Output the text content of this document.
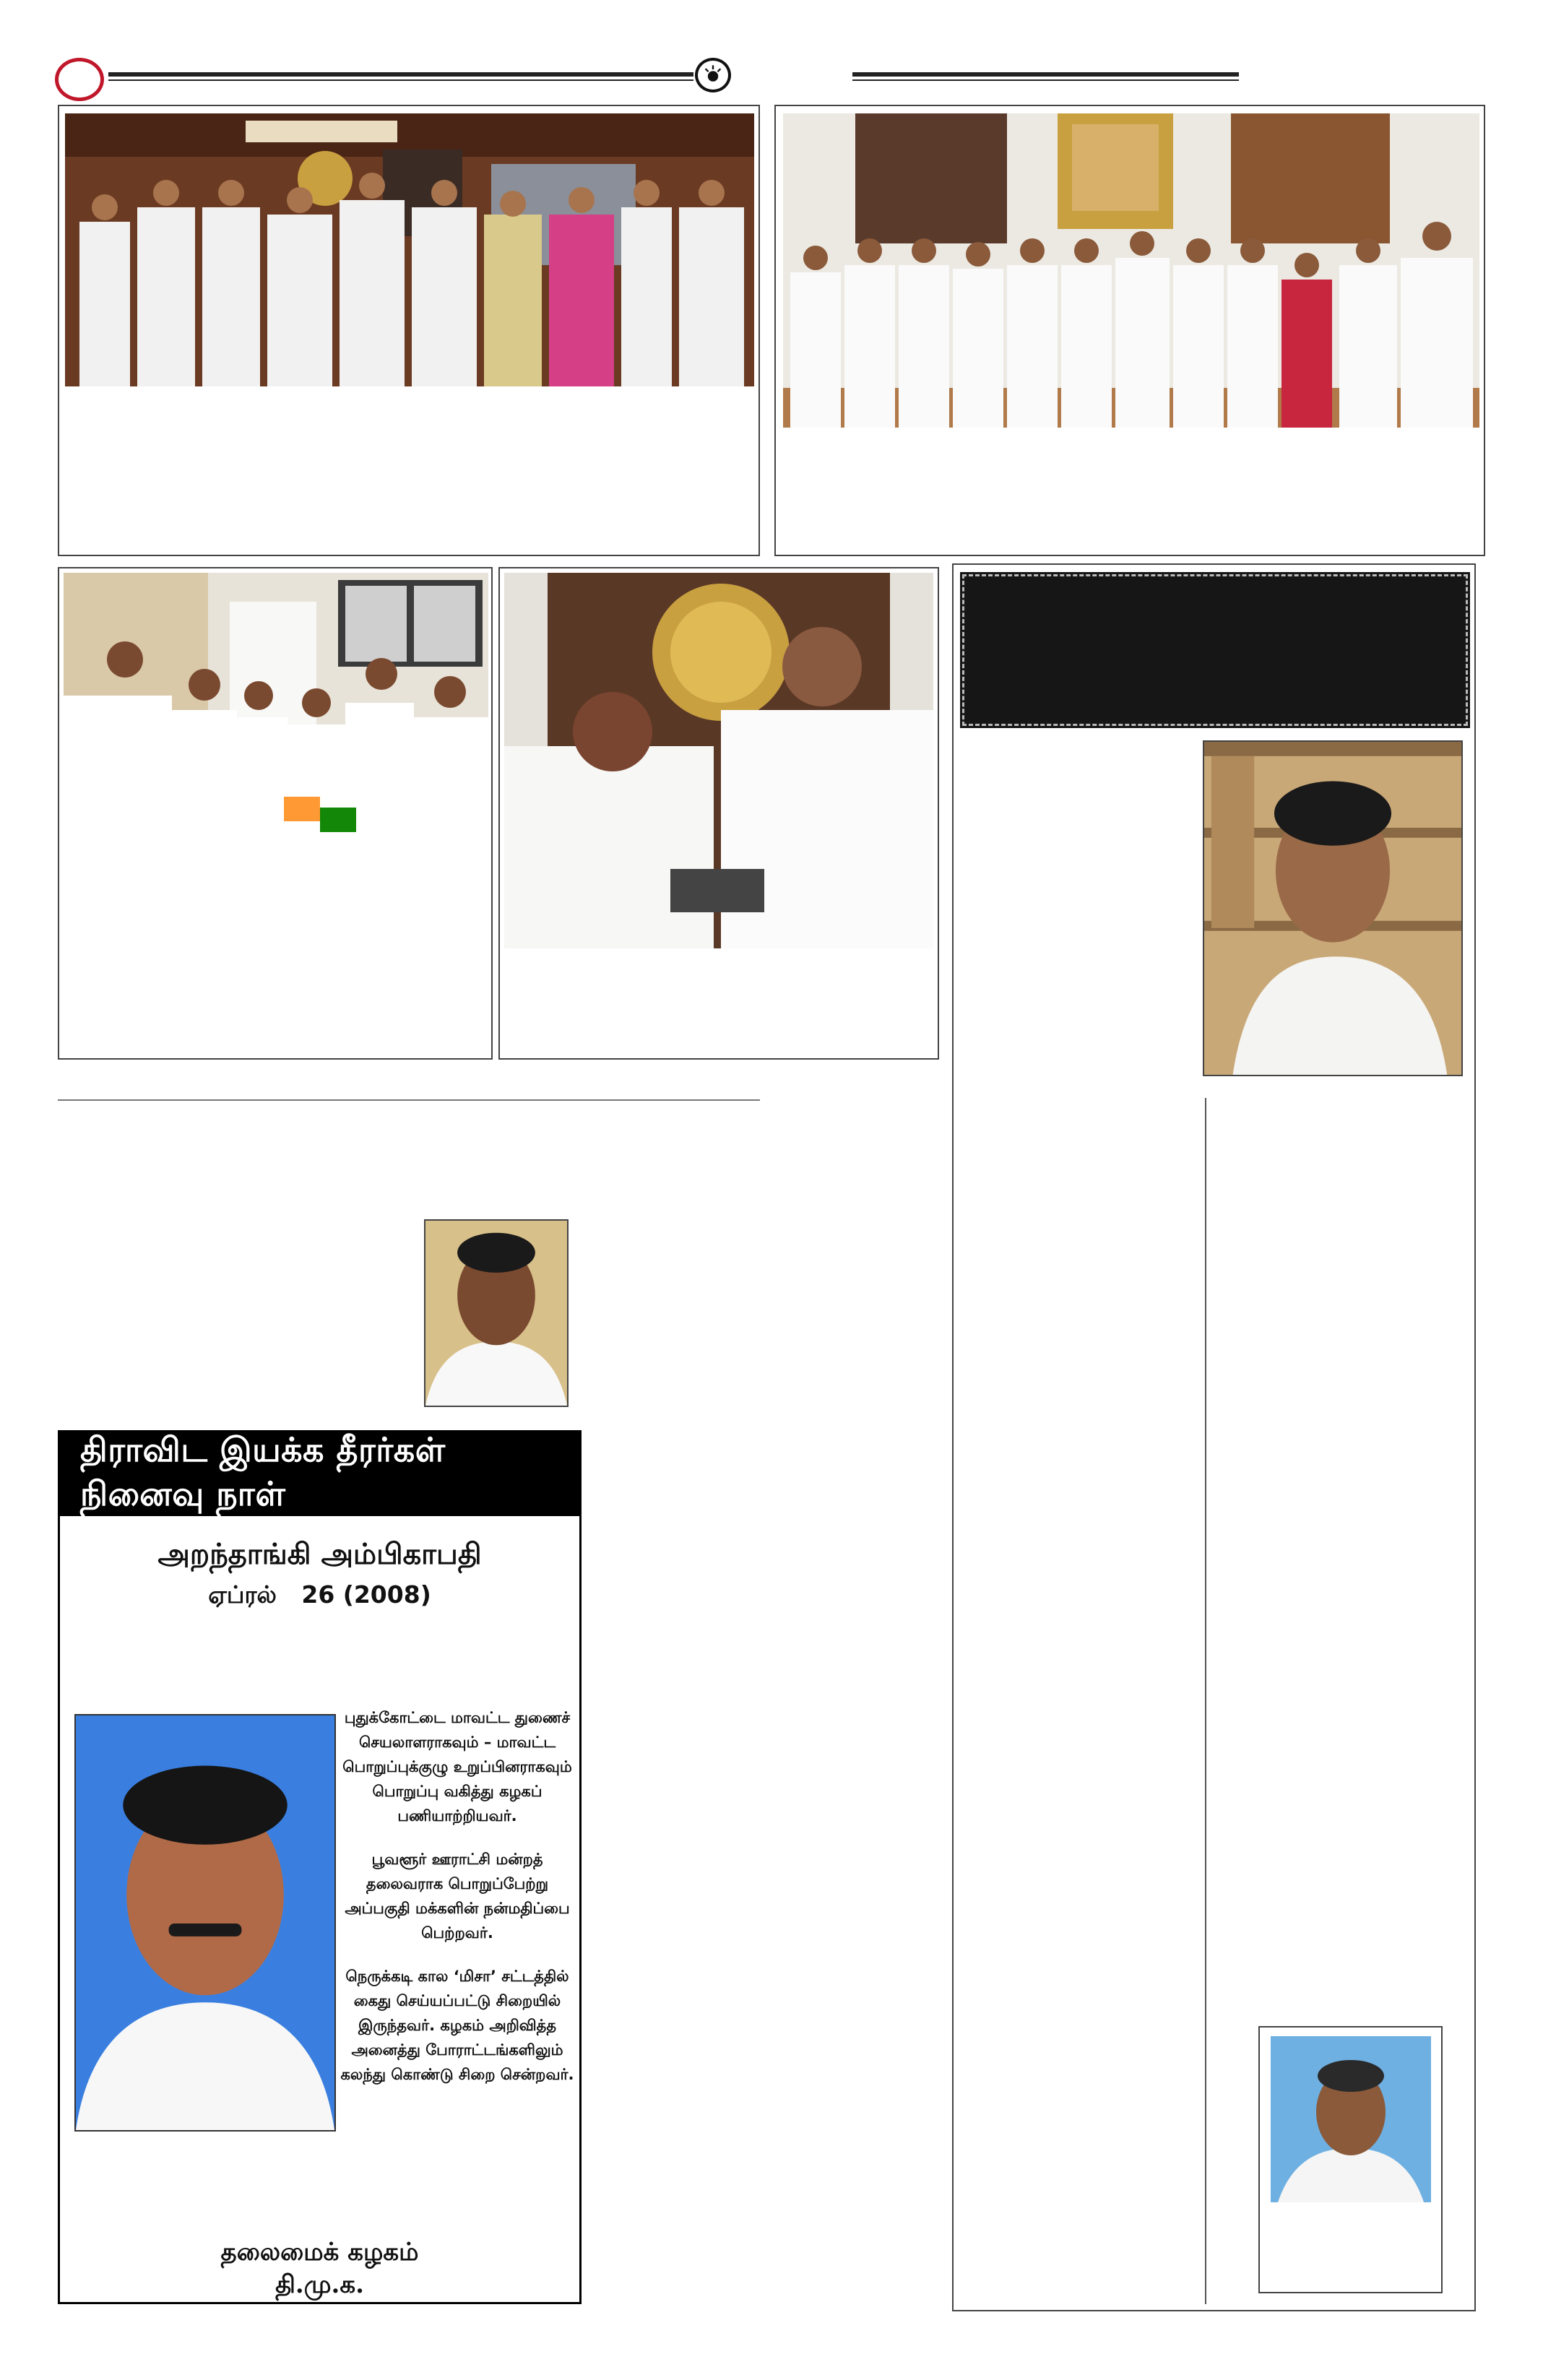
திராவிட இயக்க தீரர்கள் நினைவு நாள்
அறந்தாங்கி அம்பிகாபதி
ஏப்ரல்   26 (2008)

புதுக்கோட்டை மாவட்ட துணைச் செயலாளராகவும் – மாவட்ட பொறுப்புக்குழு உறுப்பினராகவும் பொறுப்பு வகித்து கழகப் பணியாற்றியவர்.

பூவளூர் ஊராட்சி மன்றத் தலைவராக பொறுப்பேற்று அப்பகுதி மக்களின் நன்மதிப்பை பெற்றவர்.

நெருக்கடி கால ‘மிசா’ சட்டத்தில் கைது செய்யப்பட்டு சிறையில் இருந்தவர். கழகம் அறிவித்த அனைத்து போராட்டங்களிலும் கலந்து கொண்டு சிறை சென்றவர்.

தலைமைக் கழகம்
தி.மு.க.
